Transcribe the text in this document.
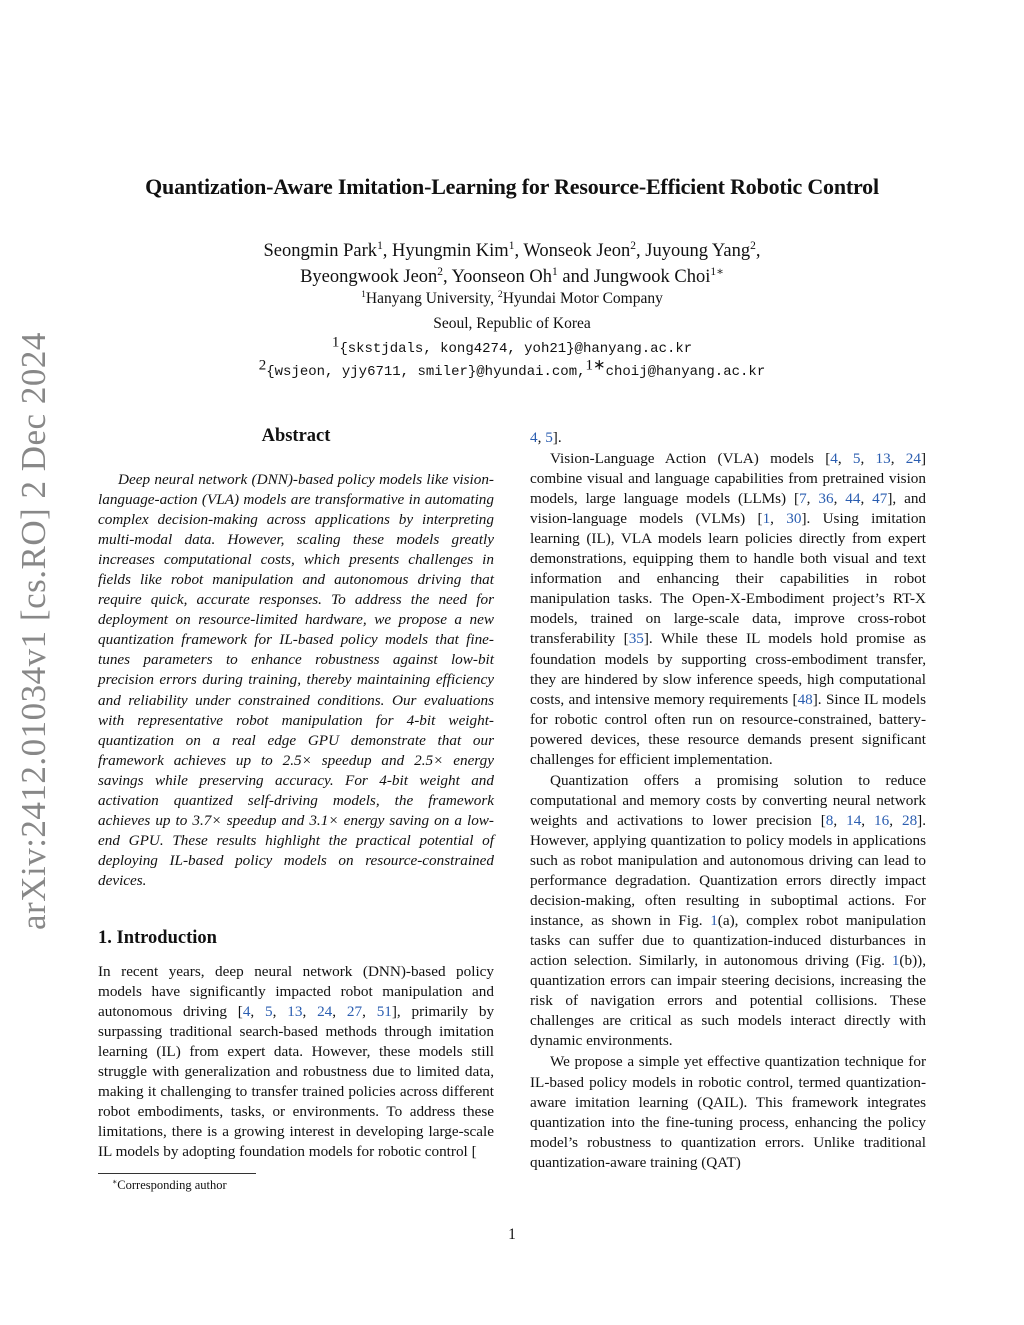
arXiv:2412.01034v1 [cs.RO] 2 Dec 2024
Quantization-Aware Imitation-Learning for Resource-Efficient Robotic Control
Seongmin Park$^1$, Hyungmin Kim$^1$, Wonseok Jeon$^2$, Juyoung Yang$^2$,
Byeongwook Jeon$^2$, Yoonseon Oh$^1$ and Jungwook Choi$^{1∗}$
$^1$Hanyang University, $^2$Hyundai Motor Company
Seoul, Republic of Korea
$^1${skstjdals, kong4274, yoh21}@hanyang.ac.kr
$^2${wsjeon, yjy6711, smiler}@hyundai.com,$^{1∗}$choij@hanyang.ac.kr
Abstract

Deep neural network (DNN)-based policy models like vision-language-action (VLA) models are transformative in automating complex decision-making across applications by interpreting multi-modal data. However, scaling these models greatly increases computational costs, which presents challenges in fields like robot manipulation and autonomous driving that require quick, accurate responses. To address the need for deployment on resource-limited hardware, we propose a new quantization framework for IL-based policy models that fine-tunes parameters to enhance robustness against low-bit precision errors during training, thereby maintaining efficiency and reliability under constrained conditions. Our evaluations with representative robot manipulation for 4-bit weight-quantization on a real edge GPU demonstrate that our framework achieves up to 2.5× speedup and 2.5× energy savings while preserving accuracy. For 4-bit weight and activation quantized self-driving models, the framework achieves up to 3.7× speedup and 3.1× energy saving on a low-end GPU. These results highlight the practical potential of deploying IL-based policy models on resource-constrained devices.

1. Introduction

In recent years, deep neural network (DNN)-based policy models have significantly impacted robot manipulation and autonomous driving [4, 5, 13, 24, 27, 51], primarily by surpassing traditional search-based methods through imitation learning (IL) from expert data. However, these models still struggle with generalization and robustness due to limited data, making it challenging to transfer trained policies across different robot embodiments, tasks, or environments. To address these limitations, there is a growing interest in developing large-scale IL models by adopting foundation models for robotic control [

4, 5].

Vision-Language Action (VLA) models [4, 5, 13, 24] combine visual and language capabilities from pretrained vision models, large language models (LLMs) [7, 36, 44, 47], and vision-language models (VLMs) [1, 30]. Using imitation learning (IL), VLA models learn policies directly from expert demonstrations, equipping them to handle both visual and text information and enhancing their capabilities in robot manipulation tasks. The Open-X-Embodiment project’s RT-X models, trained on large-scale data, improve cross-robot transferability [35]. While these IL models hold promise as foundation models by supporting cross-embodiment transfer, they are hindered by slow inference speeds, high computational costs, and intensive memory requirements [48]. Since IL models for robotic control often run on resource-constrained, battery-powered devices, these resource demands present significant challenges for efficient implementation.

Quantization offers a promising solution to reduce computational and memory costs by converting neural network weights and activations to lower precision [8, 14, 16, 28]. However, applying quantization to policy models in applications such as robot manipulation and autonomous driving can lead to performance degradation. Quantization errors directly impact decision-making, often resulting in suboptimal actions. For instance, as shown in Fig. 1(a), complex robot manipulation tasks can suffer due to quantization-induced disturbances in action selection. Similarly, in autonomous driving (Fig. 1(b)), quantization errors can impair steering decisions, increasing the risk of navigation errors and potential collisions. These challenges are critical as such models interact directly with dynamic environments.

We propose a simple yet effective quantization technique for IL-based policy models in robotic control, termed quantization-aware imitation learning (QAIL). This framework integrates quantization into the fine-tuning process, enhancing the policy model’s robustness to quantization errors. Unlike traditional quantization-aware training (QAT)

∗Corresponding author
1
